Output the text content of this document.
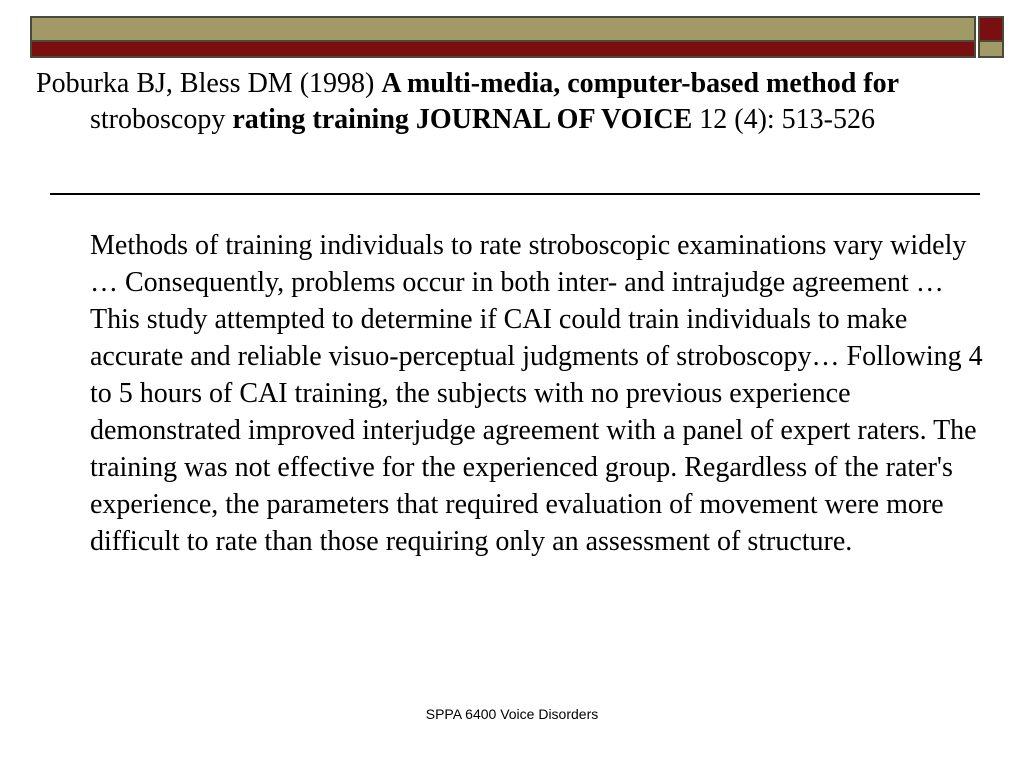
Poburka BJ, Bless DM (1998) A multi-media, computer-based method for stroboscopy rating training JOURNAL OF VOICE 12 (4): 513-526
Methods of training individuals to rate stroboscopic examinations vary widely … Consequently, problems occur in both inter- and intrajudge agreement … This study attempted to determine if CAI could train individuals to make accurate and reliable visuo-perceptual judgments of stroboscopy… Following 4 to 5 hours of CAI training, the subjects with no previous experience demonstrated improved interjudge agreement with a panel of expert raters. The training was not effective for the experienced group. Regardless of the rater's experience, the parameters that required evaluation of movement were more difficult to rate than those requiring only an assessment of structure.
SPPA 6400 Voice Disorders
